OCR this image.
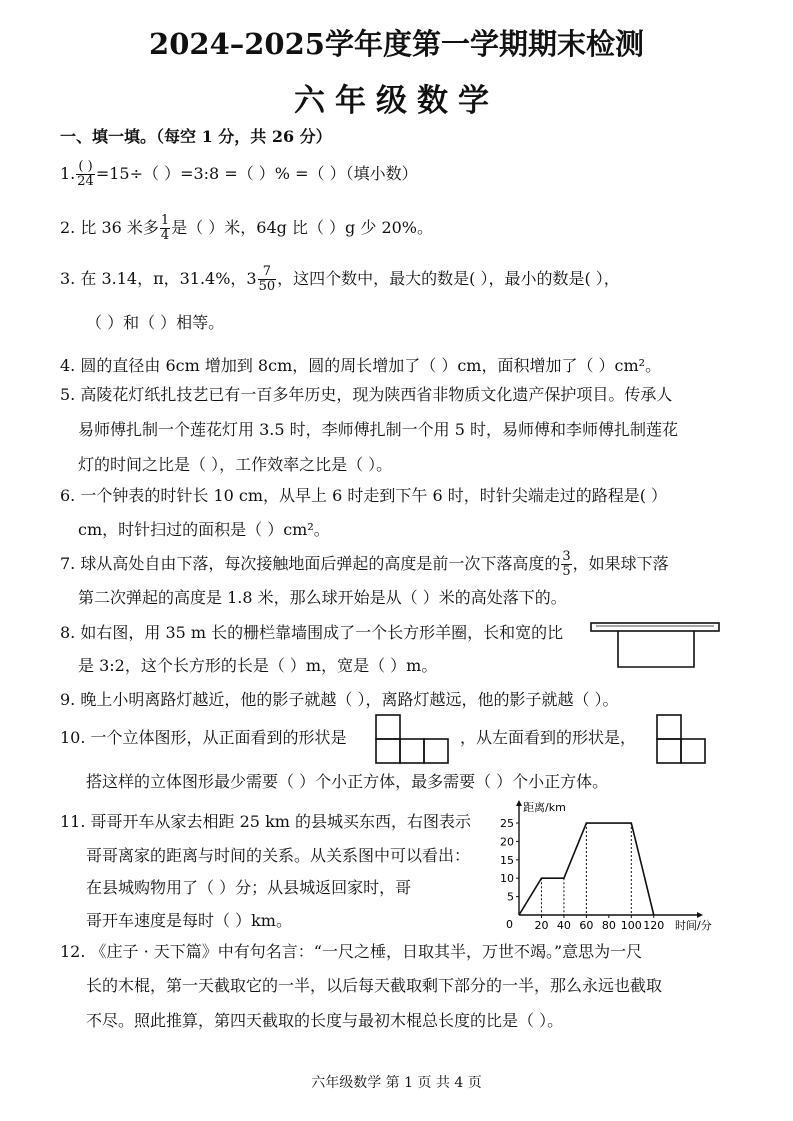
2024–2025学年度第一学期期末检测
六年级数学
一、填一填。（每空 1 分，共 26 分）
1. $\frac{( )}{24} =15\div$（ ）=3:8 =（ ）% =（ ）（填小数）
2. 比 36 米多 $\frac{1}{4}$ 是（ ）米，64g 比（ ）g 少 20%。
3. 在 3.14，π，31.4%，$3 \frac{7}{50}$ ，这四个数中，最大的数是( ），最小的数是( ），
（ ）和（ ）相等。
4. 圆的直径由 6cm 增加到 8cm，圆的周长增加了（ ）cm，面积增加了（ ）cm²。
5. 高陵花灯纸扎技艺已有一百多年历史，现为陕西省非物质文化遗产保护项目。传承人
易师傅扎制一个莲花灯用 3.5 时，李师傅扎制一个用 5 时，易师傅和李师傅扎制莲花
灯的时间之比是（ ），工作效率之比是（ ）。
6. 一个钟表的时针长 10 cm，从早上 6 时走到下午 6 时，时针尖端走过的路程是( ）
cm，时针扫过的面积是（ ）cm²。
7. 球从高处自由下落，每次接触地面后弹起的高度是前一次下落高度的 $\frac{3}{5}$ ，如果球下落
第二次弹起的高度是 1.8 米，那么球开始是从（ ）米的高处落下的。
8. 如右图，用 35 m 长的栅栏靠墙围成了一个长方形羊圈，长和宽的比
是 3:2，这个长方形的长是（ ）m，宽是（ ）m。
9. 晚上小明离路灯越近，他的影子就越（ ），离路灯越远，他的影子就越（ ）。
10. 一个立体图形，从正面看到的形状是	，从左面看到的形状是，
搭这样的立体图形最少需要（ ）个小正方体，最多需要（ ）个小正方体。
11. 哥哥开车从家去相距 25 km 的县城买东西，右图表示
哥哥离家的距离与时间的关系。从关系图中可以看出：
在县城购物用了（ ）分；从县城返回家时，哥
哥开车速度是每时（ ）km。
距离/km
时间/分
0 20 40 60 80 100 120
5
10
15
20
25
12. 《庄子 · 天下篇》中有句名言：“一尺之棰，日取其半，万世不竭。”意思为一尺
长的木棍，第一天截取它的一半，以后每天截取剩下部分的一半，那么永远也截取
不尽。照此推算，第四天截取的长度与最初木棍总长度的比是（ ）。
六年级数学 第 1 页 共 4 页
